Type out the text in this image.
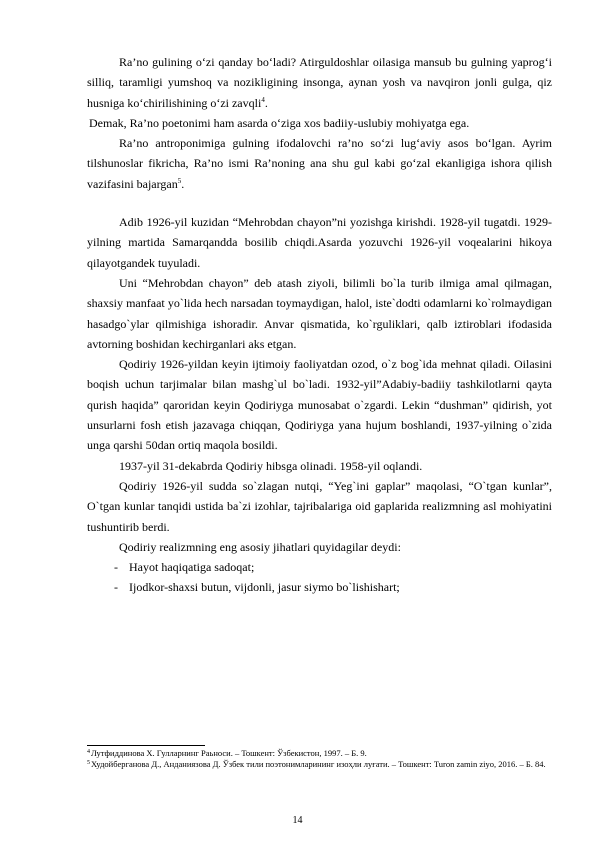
Ra’no gulining o‘zi qanday bo‘ladi? Atirguldoshlar oilasiga mansub bu gulning yaprog‘i silliq, taramligi yumshoq va nozikligining insonga, aynan yosh va navqiron jonli gulga, qiz husniga ko‘chirilishining o‘zi zavqli$^4$.

Demak, Ra’no poetonimi ham asarda o‘ziga xos badiiy-uslubiy mohiyatga ega.

Ra’no antroponimiga gulning ifodalovchi ra’no so‘zi lug‘aviy asos bo‘lgan. Ayrim tilshunoslar fikricha, Ra’no ismi Ra’noning ana shu gul kabi go‘zal ekanligiga ishora qilish vazifasini bajargan$^5$.

Adib 1926-yil kuzidan “Mehrobdan chayon”ni yozishga kirishdi. 1928-yil tugatdi. 1929-yilning martida Samarqandda bosilib chiqdi.Asarda yozuvchi 1926-yil voqealarini hikoya qilayotgandek tuyuladi.

Uni “Mehrobdan chayon” deb atash ziyoli, bilimli bo`la turib ilmiga amal qilmagan, shaxsiy manfaat yo`lida hech narsadan toymaydigan, halol, iste`dodti odamlarni ko`rolmaydigan hasadgo`ylar qilmishiga ishoradir. Anvar qismatida, ko`rguliklari, qalb iztiroblari ifodasida avtorning boshidan kechirganlari aks etgan.

Qodiriy 1926-yildan keyin ijtimoiy faoliyatdan ozod, o`z bog`ida mehnat qiladi. Oilasini boqish uchun tarjimalar bilan mashg`ul bo`ladi. 1932-yil”Adabiy-badiiy tashkilotlarni qayta qurish haqida” qaroridan keyin Qodiriyga munosabat o`zgardi. Lekin “dushman” qidirish, yot unsurlarni fosh etish jazavaga chiqqan, Qodiriyga yana hujum boshlandi, 1937-yilning o`zida unga qarshi 50dan ortiq maqola bosildi.

1937-yil 31-dekabrda Qodiriy hibsga olinadi. 1958-yil oqlandi.

Qodiriy 1926-yil sudda so`zlagan nutqi, “Yeg`ini gaplar” maqolasi, “O`tgan kunlar”, O`tgan kunlar tanqidi ustida ba`zi izohlar, tajribalariga oid gaplarida realizmning asl mohiyatini tushuntirib berdi.

Qodiriy realizmning eng asosiy jihatlari quyidagilar deydi:

- Hayot haqiqatiga sadoqat;
- Ijodkor-shaxsi butun, vijdonli, jasur siymo bo`lishishart;

$^4$Лутфиддинова Х. Гулларнинг Раьноси. – Тошкент: Ўзбекистон, 1997. – Б. 9.

$^5$Худойберганова Д., Анданиязова Д. Ўзбек тили поэтонимларининг изоҳли луғати. – Тошкент: Turon zamin ziyo, 2016. – Б. 84.

14
